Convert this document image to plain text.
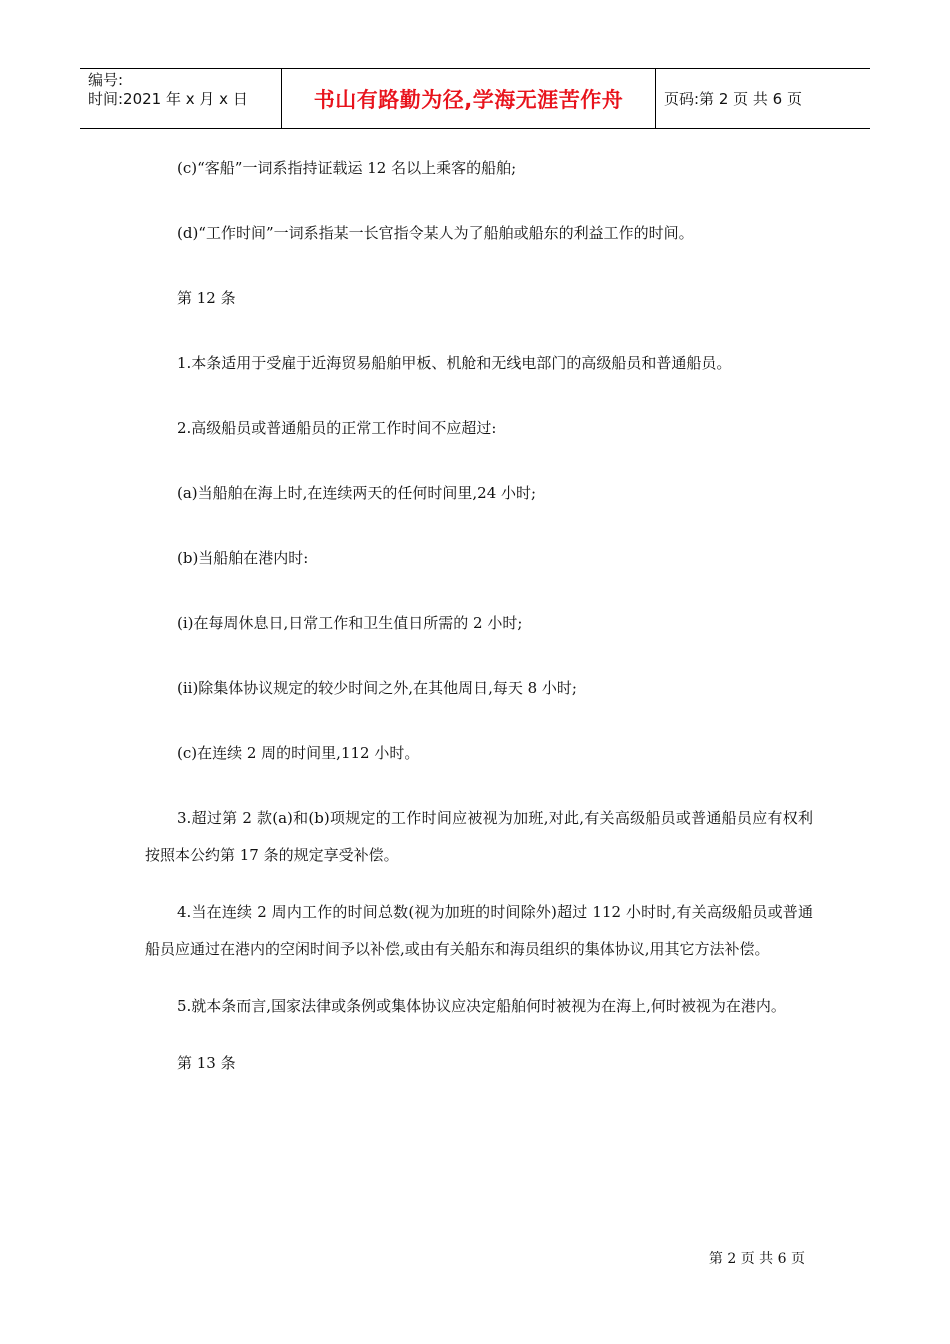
编号:
时间:2021 年 x 月 x 日	书山有路勤为径,学海无涯苦作舟	页码:第 2 页 共 6 页

(c)“客船”一词系指持证载运 12 名以上乘客的船舶;

(d)“工作时间”一词系指某一长官指令某人为了船舶或船东的利益工作的时间。

第 12 条

1.本条适用于受雇于近海贸易船舶甲板、机舱和无线电部门的高级船员和普通船员。

2.高级船员或普通船员的正常工作时间不应超过:

(a)当船舶在海上时,在连续两天的任何时间里,24 小时;

(b)当船舶在港内时:

(i)在每周休息日,日常工作和卫生值日所需的 2 小时;

(ii)除集体协议规定的较少时间之外,在其他周日,每天 8 小时;

(c)在连续 2 周的时间里,112 小时。

3.超过第 2 款(a)和(b)项规定的工作时间应被视为加班,对此,有关高级船员或普通船员应有权利按照本公约第 17 条的规定享受补偿。

4.当在连续 2 周内工作的时间总数(视为加班的时间除外)超过 112 小时时,有关高级船员或普通船员应通过在港内的空闲时间予以补偿,或由有关船东和海员组织的集体协议,用其它方法补偿。

5.就本条而言,国家法律或条例或集体协议应决定船舶何时被视为在海上,何时被视为在港内。

第 13 条

第 2 页 共 6 页
